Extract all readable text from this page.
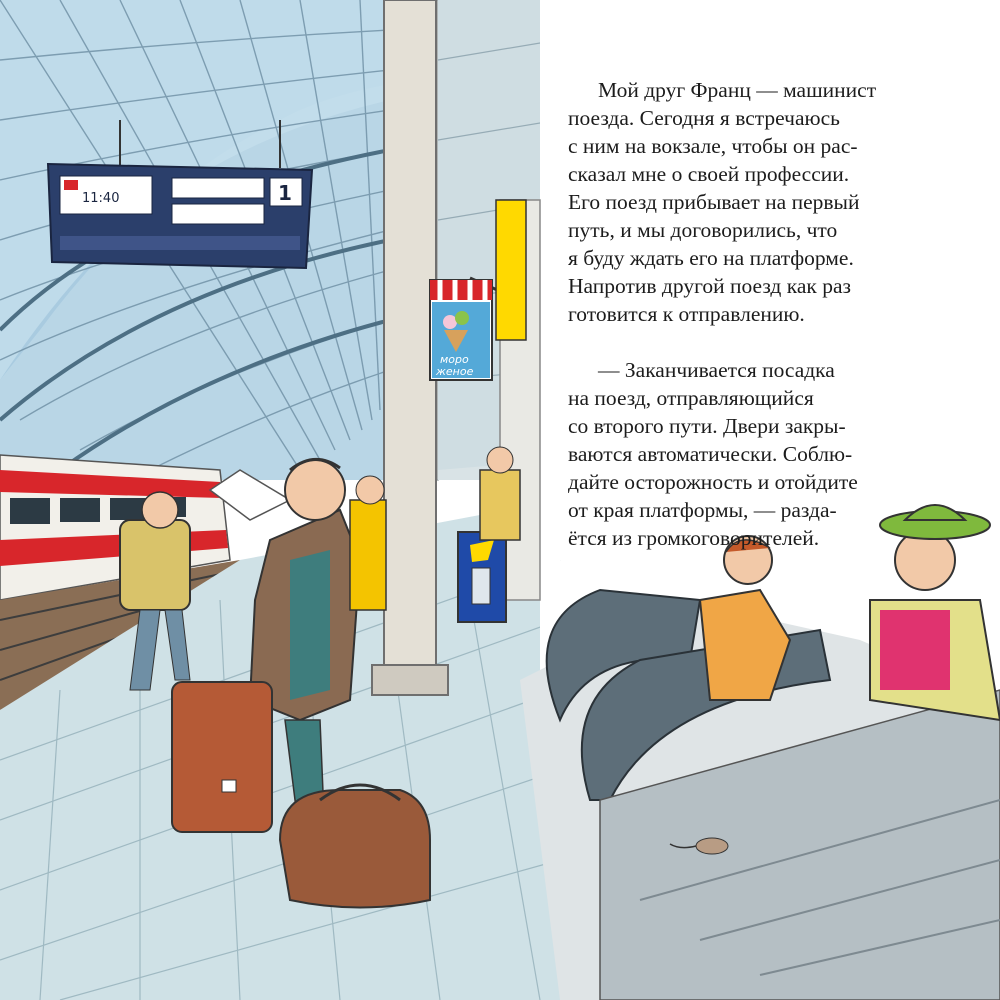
11:40	1
моро
женое
Мой друг Франц — машинист
поезда. Сегодня я встречаюсь
с ним на вокзале, чтобы он рас-
сказал мне о своей профессии.
Его поезд прибывает на первый
путь, и мы договорились, что
я буду ждать его на платформе.
Напротив другой поезд как раз
готовится к отправлению.
— Заканчивается посадка
на поезд, отправляющийся
со второго пути. Двери закры-
ваются автоматически. Соблю-
дайте осторожность и отойдите
от края платформы, — разда-
ётся из громкоговорителей.
